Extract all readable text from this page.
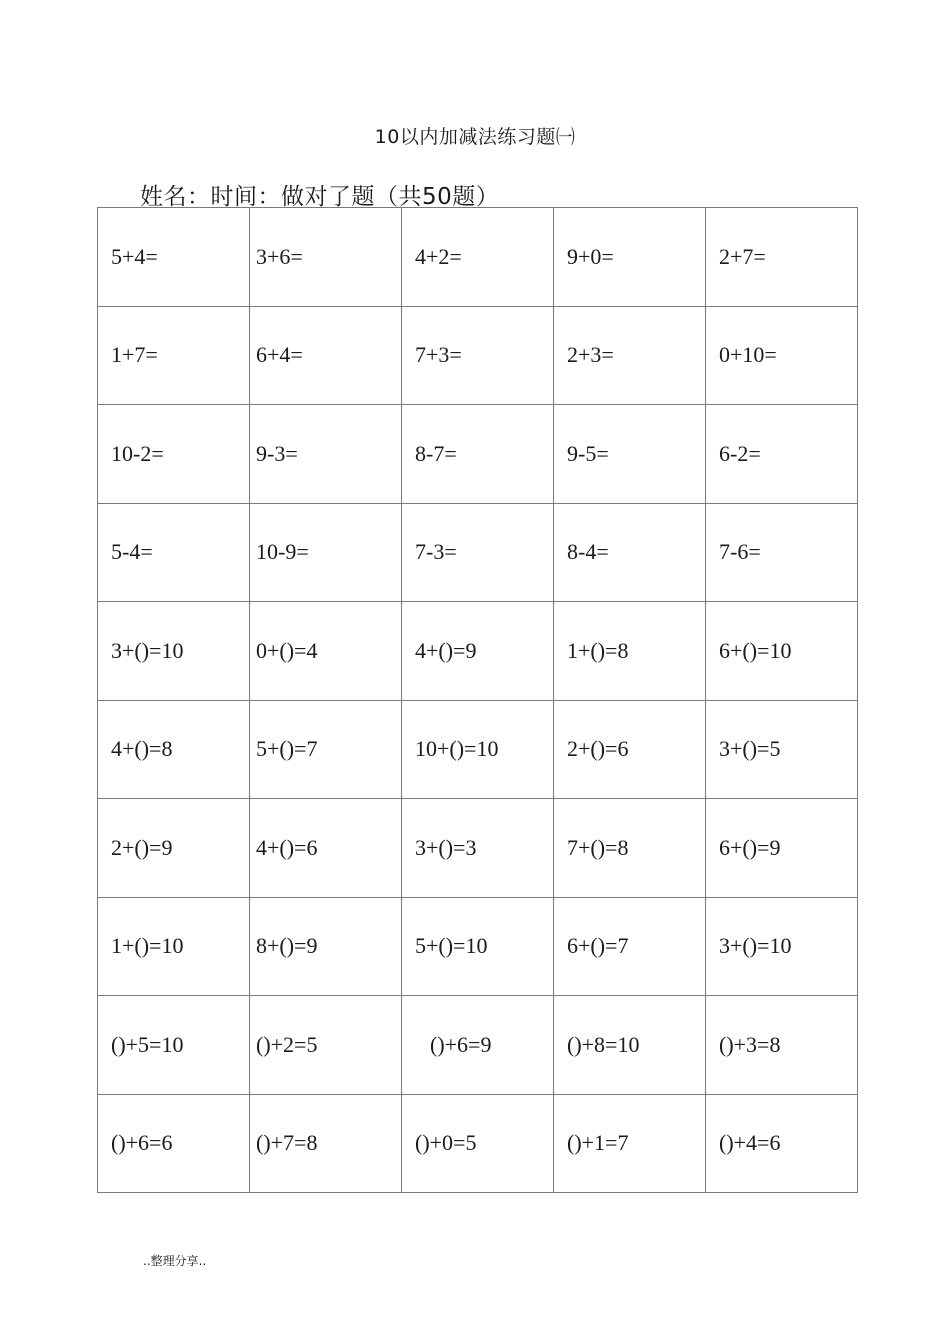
10以内加减法练习题㈠
姓名：时间：做对了题（共50题）
5+4=	3+6=	4+2=	9+0=	2+7=
1+7=	6+4=	7+3=	2+3=	0+10=
10-2=	9-3=	8-7=	9-5=	6-2=
5-4=	10-9=	7-3=	8-4=	7-6=
3+()=10	0+()=4	4+()=9	1+()=8	6+()=10
4+()=8	5+()=7	10+()=10	2+()=6	3+()=5
2+()=9	4+()=6	3+()=3	7+()=8	6+()=9
1+()=10	8+()=9	5+()=10	6+()=7	3+()=10
()+5=10	()+2=5	()+6=9	()+8=10	()+3=8
()+6=6	()+7=8	()+0=5	()+1=7	()+4=6
..整理分享..
